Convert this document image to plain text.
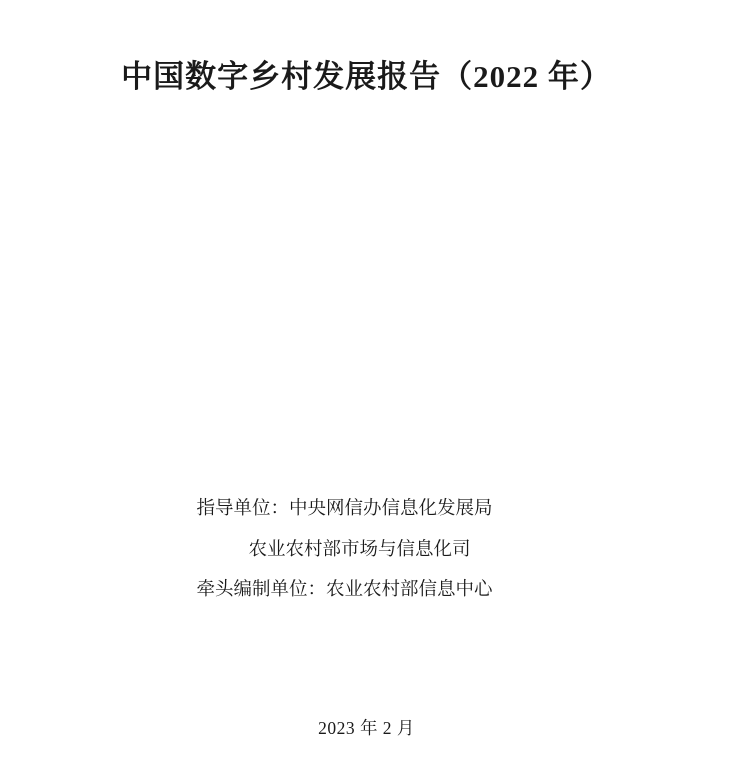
中国数字乡村发展报告（2022 年）
指导单位：中央网信办信息化发展局
农业农村部市场与信息化司
牵头编制单位：农业农村部信息中心
2023 年 2 月
